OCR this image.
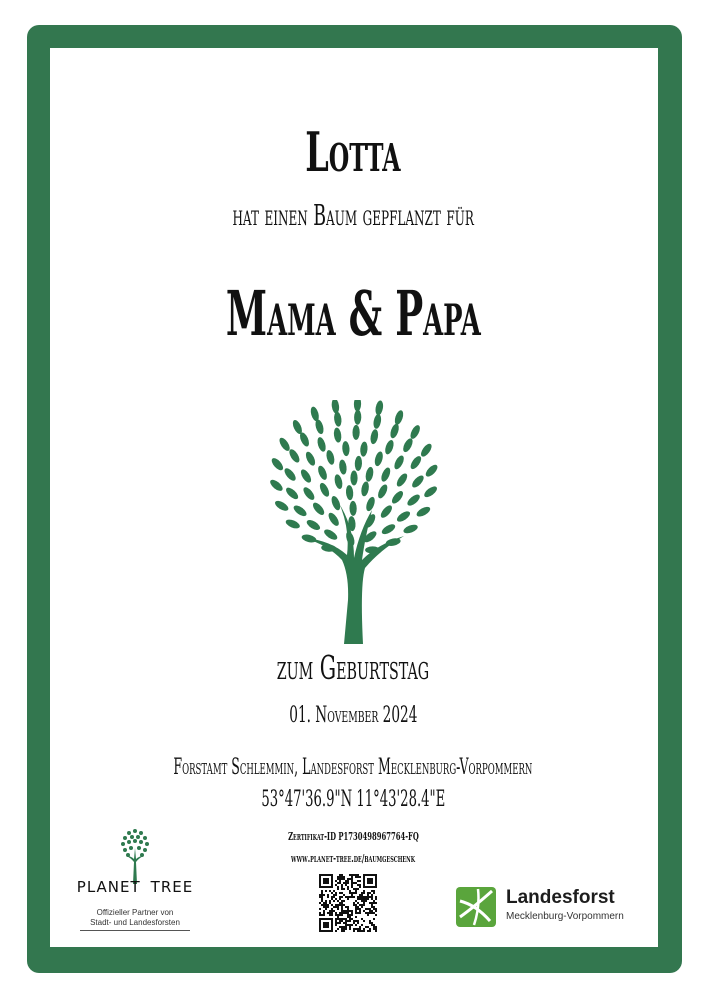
Lotta
hat einen Baum gepflanzt für
Mama & Papa
zum Geburtstag
01. November 2024
Forstamt Schlemmin, Landesforst Mecklenburg-Vorpommern
53°47'36.9"N 11°43'28.4"E
Zertifikat-ID P1730498967764-FQ
www.planet-tree.de/baumgeschenk
PLANET TREE
Offizieller Partner von
Stadt- und Landesforsten
Landesforst
Mecklenburg-Vorpommern
